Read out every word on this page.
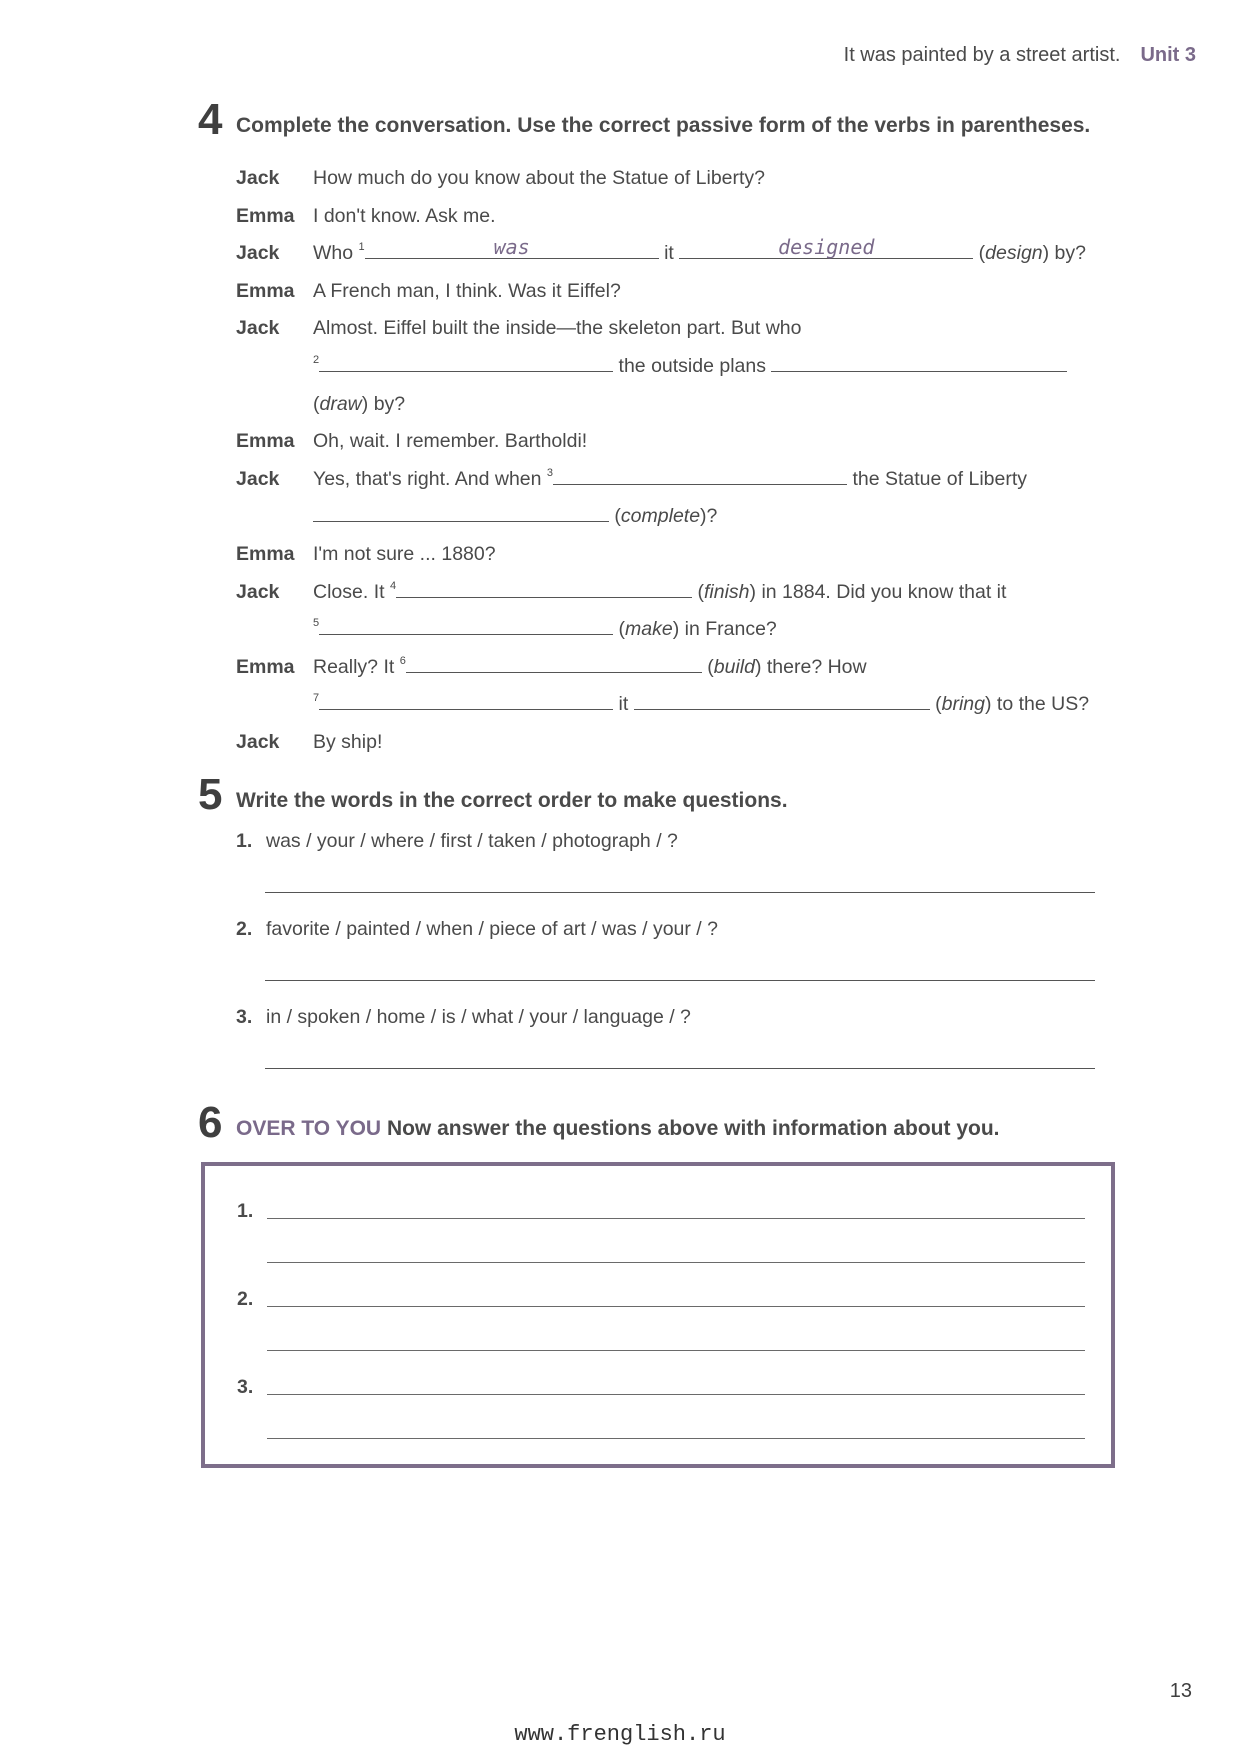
It was painted by a street artist. Unit 3
4 Complete the conversation. Use the correct passive form of the verbs in parentheses.
Jack How much do you know about the Statue of Liberty?
Emma I don't know. Ask me.
Jack Who $^1$	was	it	designed	(design) by?
Emma A French man, I think. Was it Eiffel?
Jack Almost. Eiffel built the inside—the skeleton part. But who
$^2$	the outside plans
(draw) by?
Emma Oh, wait. I remember. Bartholdi!
Jack Yes, that's right. And when $^3$	the Statue of Liberty
(complete)?
Emma I'm not sure ... 1880?
Jack Close. It $^4$	(finish) in 1884. Did you know that it
$^5$	(make) in France?
Emma Really? It $^6$	(build) there? How
$^7$	it	(bring) to the US?
Jack By ship!
5 Write the words in the correct order to make questions.
1. was / your / where / first / taken / photograph / ?
2. favorite / painted / when / piece of art / was / your / ?
3. in / spoken / home / is / what / your / language / ?
6 OVER TO YOU Now answer the questions above with information about you.
1.
2.
3.
13
www.frenglish.ru
